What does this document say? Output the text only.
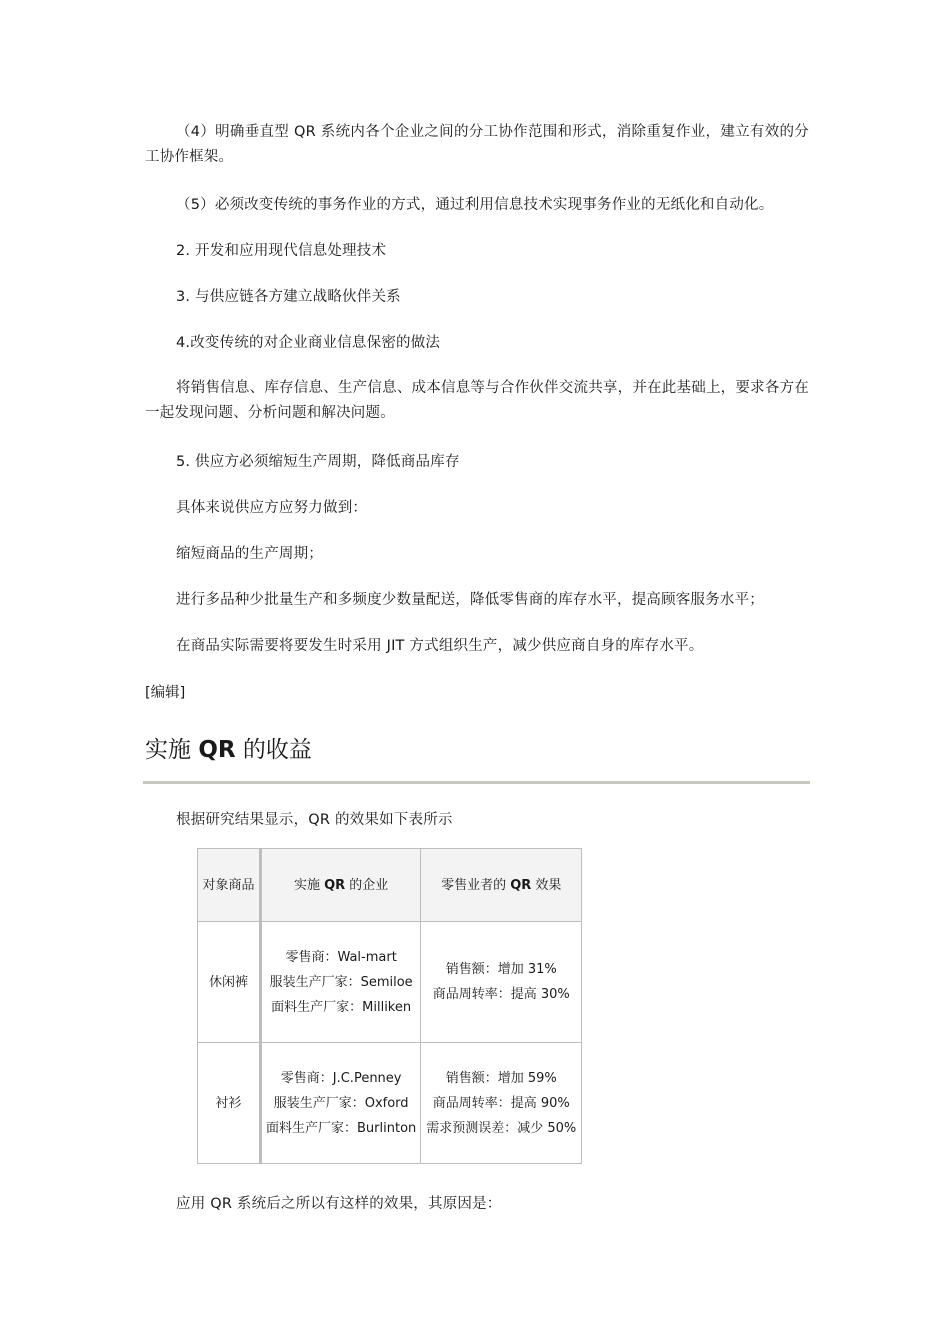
（4）明确垂直型 QR 系统内各个企业之间的分工协作范围和形式，消除重复作业，建立有效的分工协作框架。

（5）必须改变传统的事务作业的方式，通过利用信息技术实现事务作业的无纸化和自动化。

2. 开发和应用现代信息处理技术

3. 与供应链各方建立战略伙伴关系

4.改变传统的对企业商业信息保密的做法

将销售信息、库存信息、生产信息、成本信息等与合作伙伴交流共享，并在此基础上，要求各方在一起发现问题、分析问题和解决问题。

5. 供应方必须缩短生产周期，降低商品库存

具体来说供应方应努力做到：

缩短商品的生产周期；

进行多品种少批量生产和多频度少数量配送，降低零售商的库存水平，提高顾客服务水平；

在商品实际需要将要发生时采用 JIT 方式组织生产，减少供应商自身的库存水平。

[编辑]
实施 QR 的收益

根据研究结果显示，QR 的效果如下表所示

对象商品	实施 QR 的企业	零售业者的 QR 效果
休闲裤	零售商：Wal-mart
服装生产厂家：Semiloe
面料生产厂家：Milliken	销售额：增加 31%
商品周转率：提高 30%

衬衫	零售商：J.C.Penney
服装生产厂家：Oxford
面料生产厂家：Burlinton	销售额：增加 59%
商品周转率：提高 90%
需求预测误差：减少 50%

应用 QR 系统后之所以有这样的效果，其原因是：
